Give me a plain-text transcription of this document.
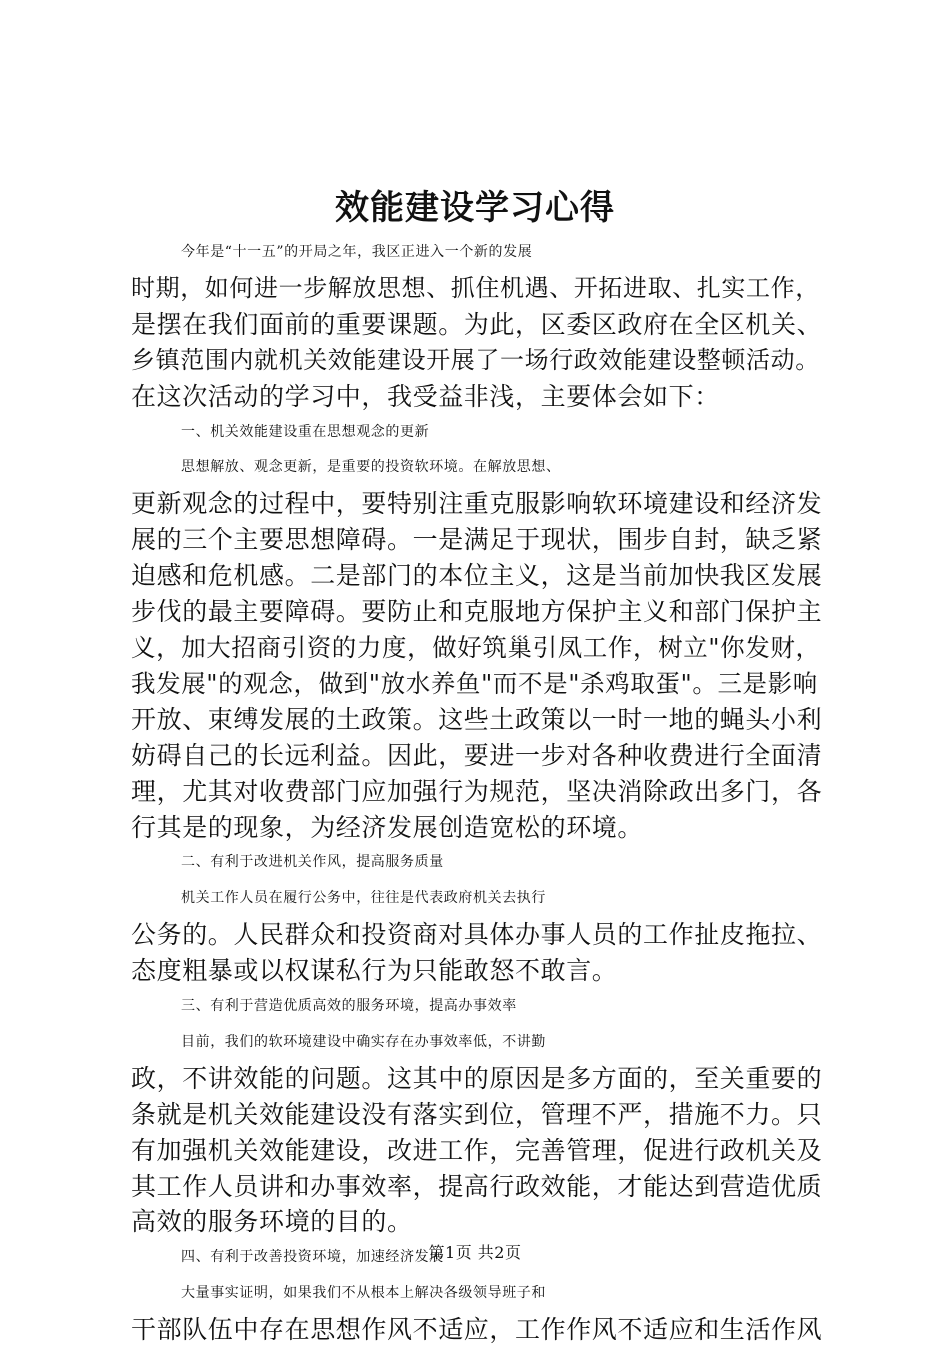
效能建设学习心得
今年是“十一五”的开局之年，我区正进入一个新的发展
时期，如何进一步解放思想、抓住机遇、开拓进取、扎实工作，
是摆在我们面前的重要课题。为此，区委区政府在全区机关、
乡镇范围内就机关效能建设开展了一场行政效能建设整顿活动。
在这次活动的学习中，我受益非浅，主要体会如下：
一、机关效能建设重在思想观念的更新
思想解放、观念更新，是重要的投资软环境。在解放思想、
更新观念的过程中，要特别注重克服影响软环境建设和经济发
展的三个主要思想障碍。一是满足于现状，围步自封，缺乏紧
迫感和危机感。二是部门的本位主义，这是当前加快我区发展
步伐的最主要障碍。要防止和克服地方保护主义和部门保护主
义，加大招商引资的力度，做好筑巢引凤工作，树立"你发财，
我发展"的观念，做到"放水养鱼"而不是"杀鸡取蛋"。三是影响
开放、束缚发展的土政策。这些土政策以一时一地的蝇头小利
妨碍自己的长远利益。因此，要进一步对各种收费进行全面清
理，尤其对收费部门应加强行为规范，坚决消除政出多门，各
行其是的现象，为经济发展创造宽松的环境。
二、有利于改进机关作风，提高服务质量
机关工作人员在履行公务中，往往是代表政府机关去执行
公务的。人民群众和投资商对具体办事人员的工作扯皮拖拉、
态度粗暴或以权谋私行为只能敢怒不敢言。
三、有利于营造优质高效的服务环境，提高办事效率
目前，我们的软环境建设中确实存在办事效率低，不讲勤
政，不讲效能的问题。这其中的原因是多方面的，至关重要的
条就是机关效能建设没有落实到位，管理不严，措施不力。只
有加强机关效能建设，改进工作，完善管理，促进行政机关及
其工作人员讲和办事效率，提高行政效能，才能达到营造优质
高效的服务环境的目的。
四、有利于改善投资环境，加速经济发展
大量事实证明，如果我们不从根本上解决各级领导班子和
干部队伍中存在思想作风不适应，工作作风不适应和生活作风
第1页 共2页
